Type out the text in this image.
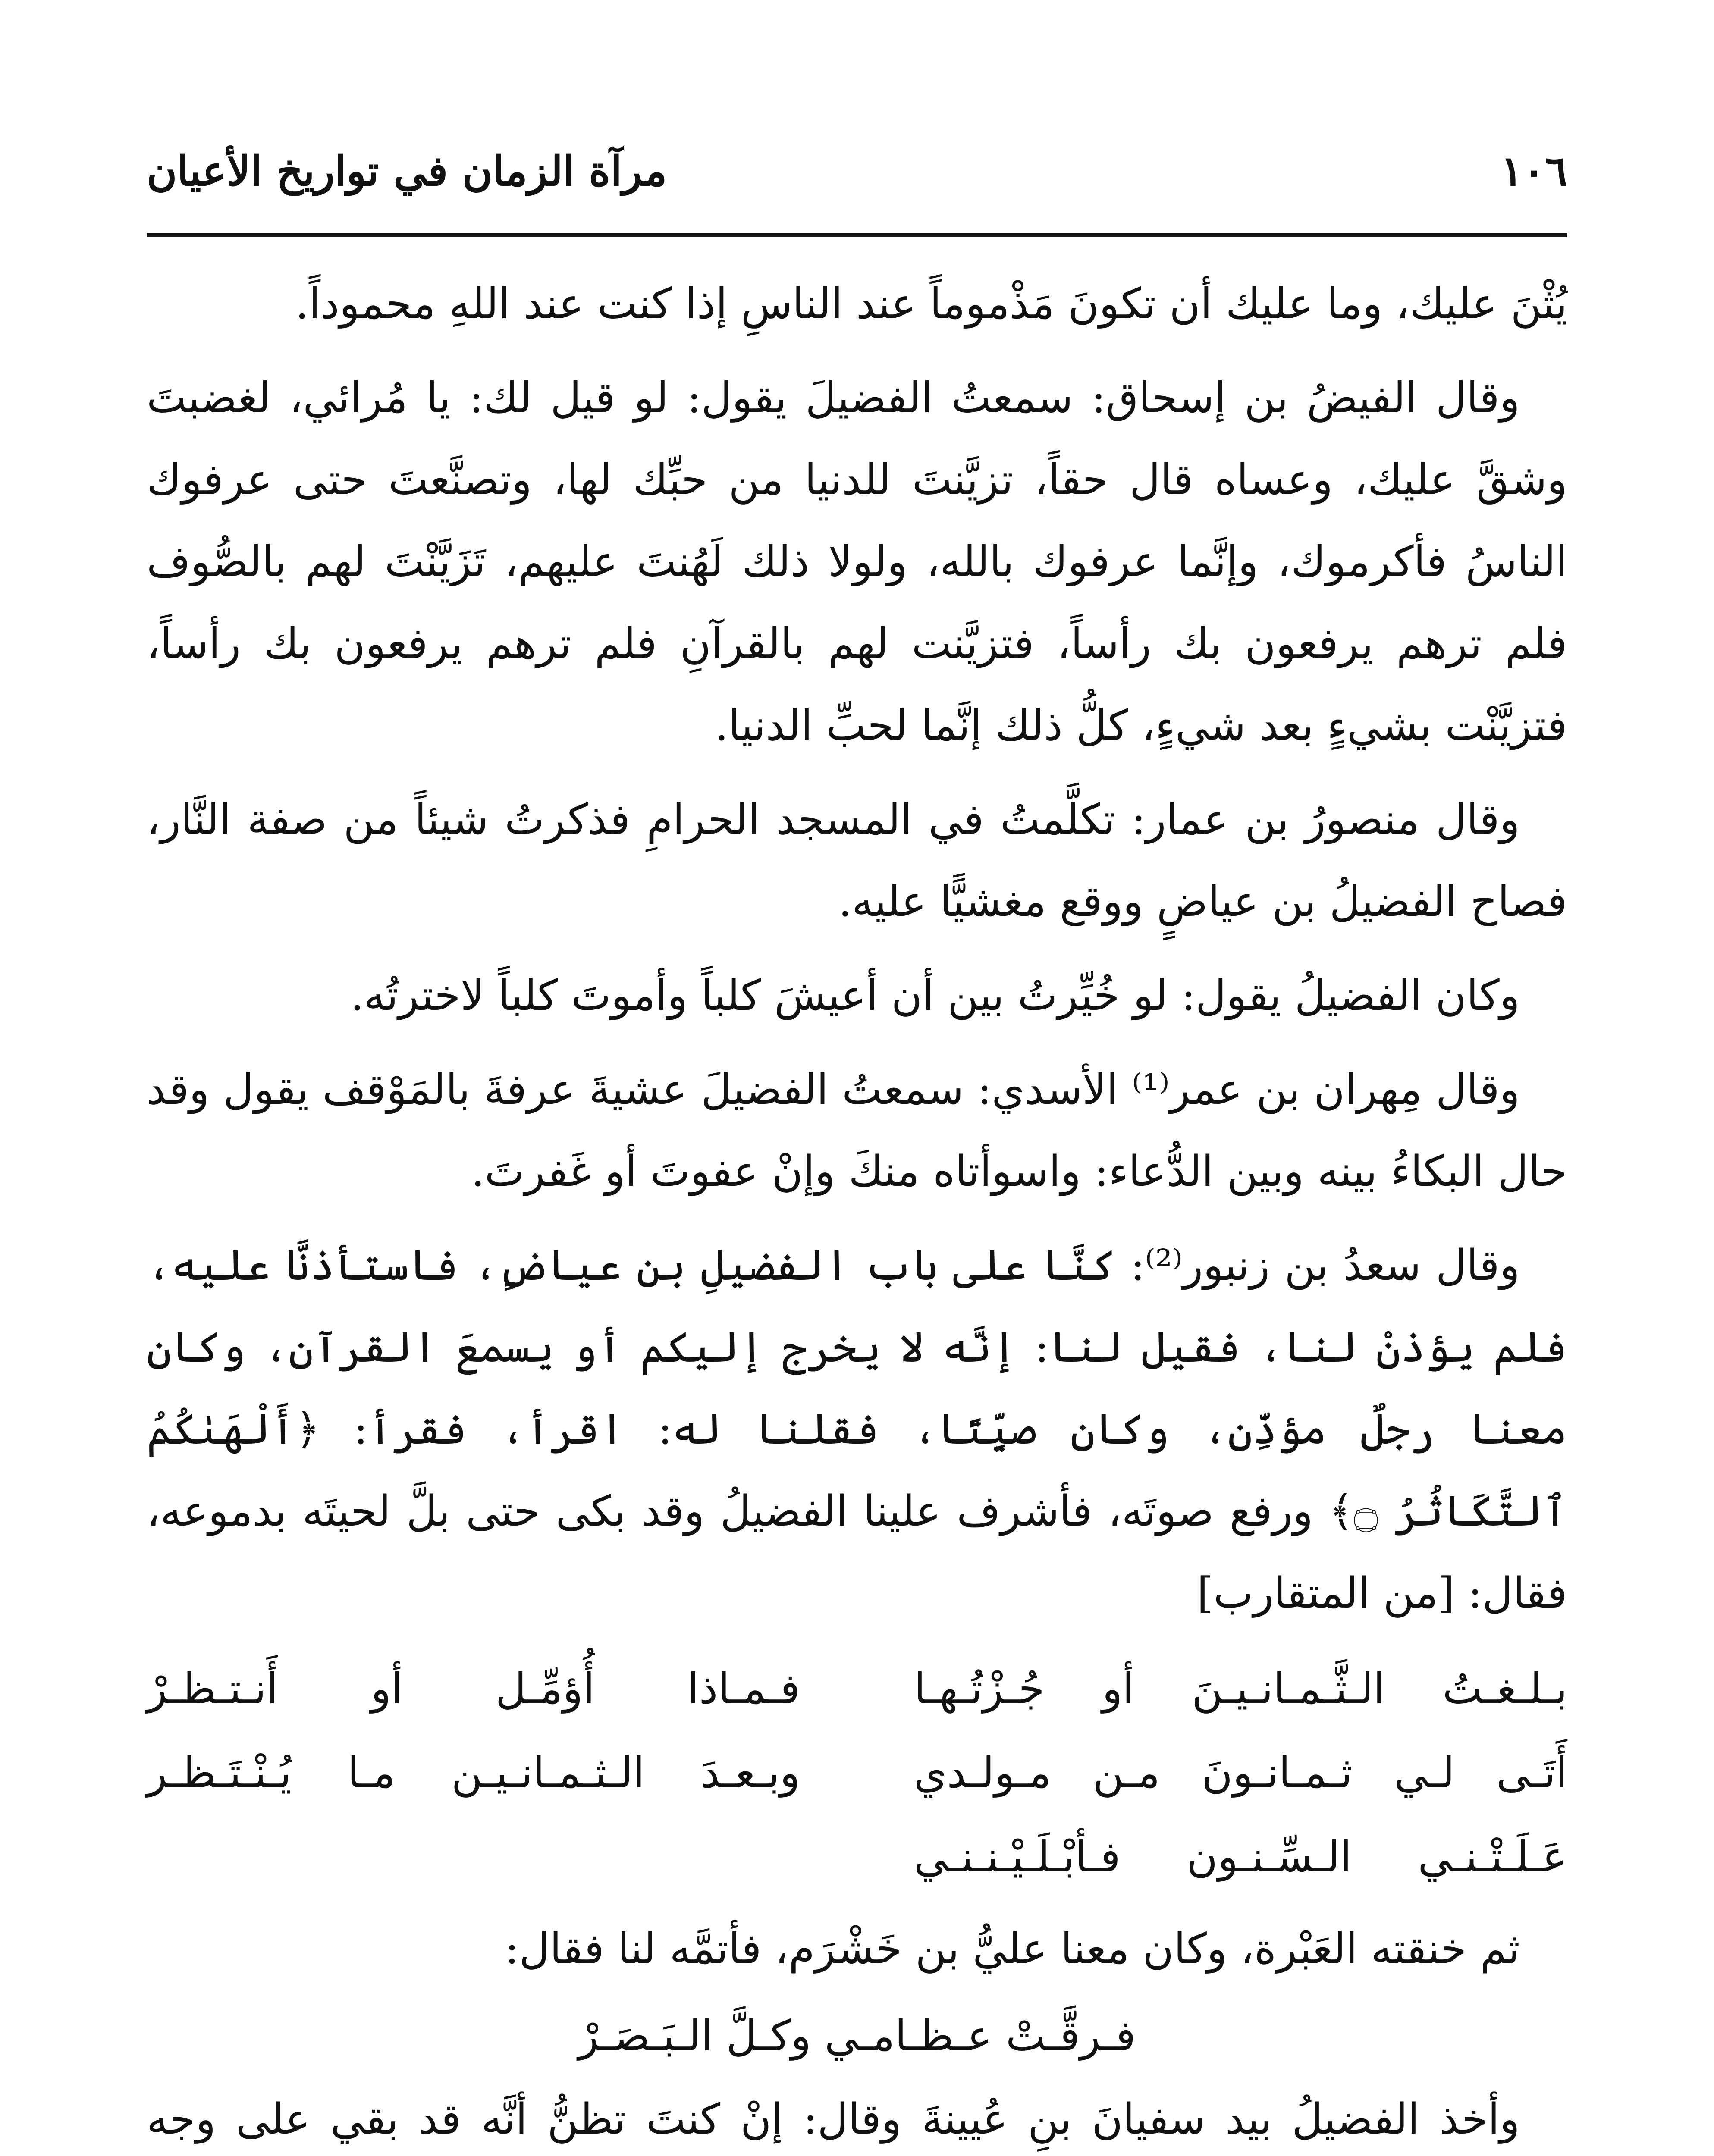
١٠٦
مرآة الزمان في تواريخ الأعيان

يُثْنَ عليك، وما عليك أن تكونَ مَذْموماً عند الناسِ إذا كنت عند اللهِ محموداً.

وقال الفيضُ بن إسحاق: سمعتُ الفضيلَ يقول: لو قيل لك: يا مُرائي، لغضبتَ وشقَّ عليك، وعساه قال حقاً، تزيَّنتَ للدنيا من حبِّك لها، وتصنَّعتَ حتى عرفوك الناسُ فأكرموك، وإنَّما عرفوك بالله، ولولا ذلك لَهُنتَ عليهم، تَزَيَّنْتَ لهم بالصُّوف فلم ترهم يرفعون بك رأساً، فتزيَّنت لهم بالقرآنِ فلم ترهم يرفعون بك رأساً، فتزيَّنْت بشيءٍ بعد شيءٍ، كلُّ ذلك إنَّما لحبِّ الدنيا.

وقال منصورُ بن عمار: تكلَّمتُ في المسجد الحرامِ فذكرتُ شيئاً من صفة النَّار، فصاح الفضيلُ بن عياضٍ ووقع مغشيًّا عليه.

وكان الفضيلُ يقول: لو خُيِّرتُ بين أن أعيشَ كلباً وأموتَ كلباً لاخترتُه.

وقال مِهران بن عمر⁽¹⁾ الأسدي: سمعتُ الفضيلَ عشيةَ عرفةَ بالمَوْقف يقول وقد حال البكاءُ بينه وبين الدُّعاء: واسوأتاه منكَ وإنْ عفوتَ أو غَفرتَ.

وقال سعدُ بن زنبور⁽²⁾: كنَّا على باب الفضيلِ بن عياضٍ، فاستأذنَّا عليه، فلم يؤذنْ لنا، فقيل لنا: إنَّه لا يخرج إليكم أو يسمعَ القرآن، وكان معنا رجلٌ مؤذِّن، وكان صيِّتًا، فقلنا له: اقرأ، فقرأ: ﴿أَلْهَىٰكُمُ ٱلتَّكَاثُرُ ۝﴾ ورفع صوتَه، فأشرف علينا الفضيلُ وقد بكى حتى بلَّ لحيتَه بدموعه، فقال: [من المتقارب]

بـلـغـتُ الـثَّـمـانـيـنَ أو جُـزْتُـهـا
فـمـاذا أُؤمِّـل أو أَنـتـظـرْ
أَتَـى لـي ثـمـانـونَ مـن مـولـدي
وبـعـدَ الـثـمـانـيـن مـا يُـنْـتَـظـر
عَـلَـتْـنـي الـسِّـنـون فـأبْـلَـيْـنـنـي

ثم خنقته العَبْرة، وكان معنا عليُّ بن خَشْرَم، فأتمَّه لنا فقال:

فـرقَّـتْ عـظـامـي وكـلَّ الـبَـصَـرْ

وأخذ الفضيلُ بيد سفيانَ بنِ عُيينةَ وقال: إنْ كنتَ تظنُّ أنَّه قد بقي على وجه
